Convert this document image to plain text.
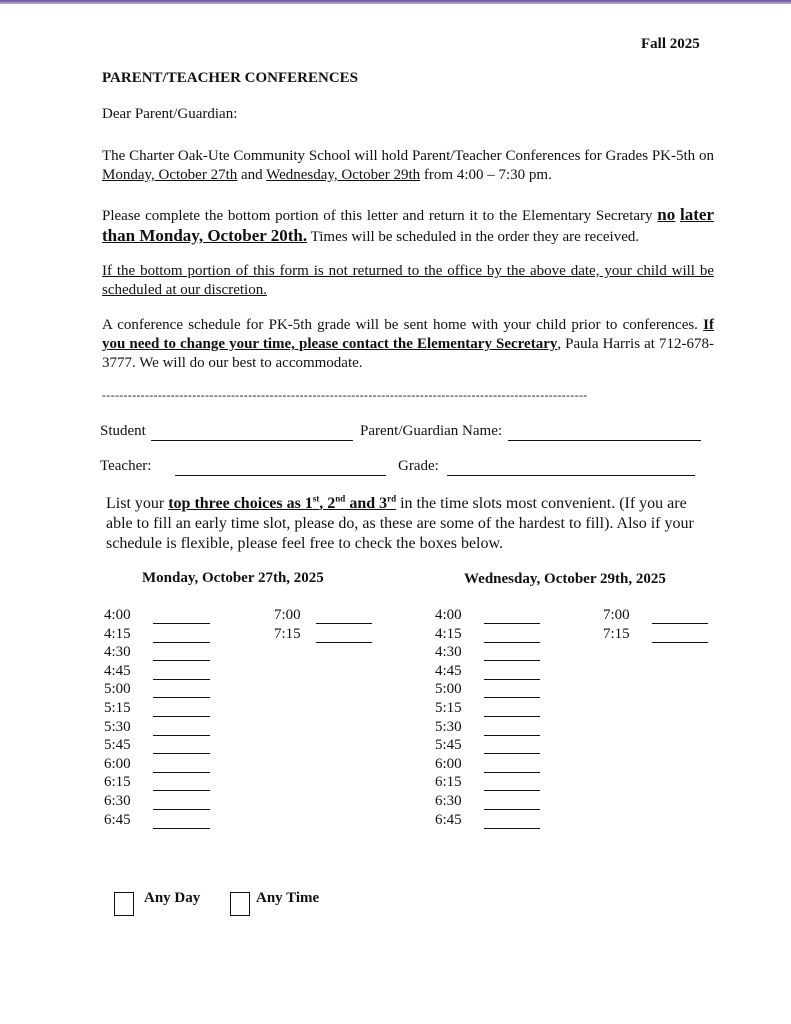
Fall 2025
PARENT/TEACHER CONFERENCES
Dear Parent/Guardian:
The Charter Oak-Ute Community School will hold Parent/Teacher Conferences for Grades PK-5th on Monday, October 27th and Wednesday, October 29th from 4:00 – 7:30 pm.
Please complete the bottom portion of this letter and return it to the Elementary Secretary no later than Monday, October 20th. Times will be scheduled in the order they are received.
If the bottom portion of this form is not returned to the office by the above date, your child will be scheduled at our discretion.
A conference schedule for PK-5th grade will be sent home with your child prior to conferences. If you need to change your time, please contact the Elementary Secretary, Paula Harris at 712-678-3777. We will do our best to accommodate.
-----------------------------------------------------------------------------------------------------------------
Student	Parent/Guardian Name:
Teacher:	Grade:
List your top three choices as 1st, 2nd and 3rd in the time slots most convenient. (If you are able to fill an early time slot, please do, as these are some of the hardest to fill). Also if your schedule is flexible, please feel free to check the boxes below.
Monday, October 27th, 2025	Wednesday, October 29th, 2025
4:00
4:15
4:30
4:45
5:00
5:15
5:30
5:45
6:00
6:15
6:30
6:45
7:00
7:15
4:00
4:15
4:30
4:45
5:00
5:15
5:30
5:45
6:00
6:15
6:30
6:45
7:00
7:15
Any Day	Any Time
